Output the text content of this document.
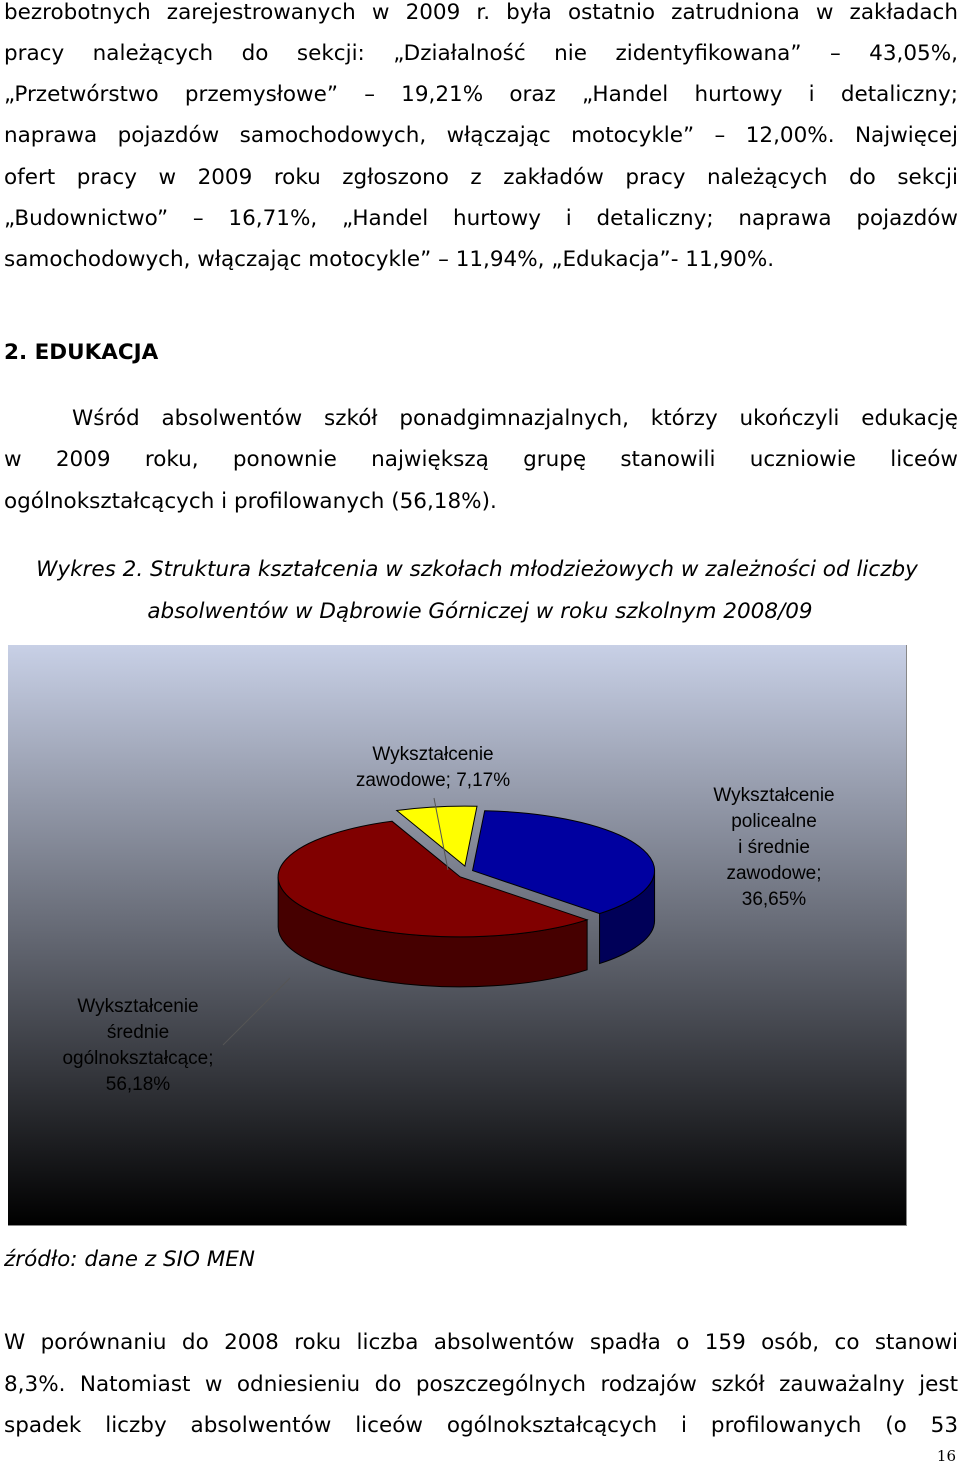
bezrobotnych zarejestrowanych w 2009 r. była ostatnio zatrudniona w zakładach
pracy należących do sekcji: „Działalność nie zidentyfikowana” – 43,05%,
„Przetwórstwo przemysłowe” – 19,21% oraz „Handel hurtowy i detaliczny;
naprawa pojazdów samochodowych, włączając motocykle” – 12,00%. Najwięcej
ofert pracy w 2009 roku zgłoszono z zakładów pracy należących do sekcji
„Budownictwo” – 16,71%, „Handel hurtowy i detaliczny; naprawa pojazdów
samochodowych, włączając motocykle” – 11,94%, „Edukacja”- 11,90%.
2. EDUKACJA
Wśród absolwentów szkół ponadgimnazjalnych, którzy ukończyli edukację
w 2009 roku, ponownie największą grupę stanowili uczniowie liceów
ogólnokształcących i profilowanych (56,18%).
Wykres 2. Struktura kształcenia w szkołach młodzieżowych w zależności od liczby
absolwentów w Dąbrowie Górniczej w roku szkolnym 2008/09
Wykształcenie
zawodowe; 7,17%
Wykształcenie
policealne
i średnie
zawodowe;
36,65%
Wykształcenie
średnie
ogólnokształcące;
56,18%
źródło: dane z SIO MEN
W porównaniu do 2008 roku liczba absolwentów spadła o 159 osób, co stanowi
8,3%. Natomiast w odniesieniu do poszczególnych rodzajów szkół zauważalny jest
spadek liczby absolwentów liceów ogólnokształcących i profilowanych (o 53
16
